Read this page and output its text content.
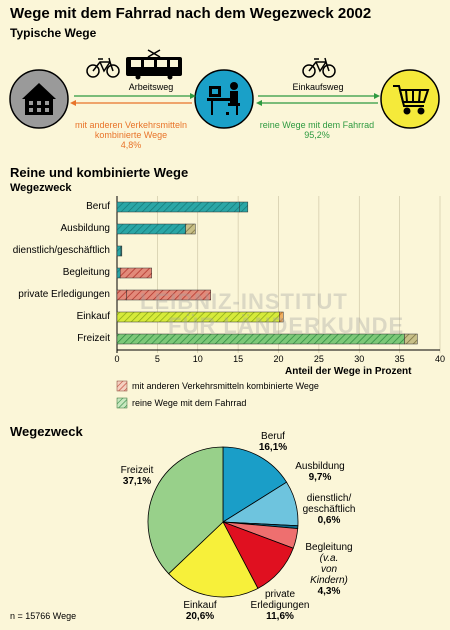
Wege mit dem Fahrrad nach dem Wegezweck 2002
Typische Wege
Arbeitsweg	Einkaufsweg
mit anderen Verkehrsmitteln
kombinierte Wege
4,8%
reine Wege mit dem Fahrrad
95,2%
Reine und kombinierte Wege
Wegezweck
Beruf
Ausbildung
dienstlich/geschäftlich
Begleitung
private Erledigungen
Einkauf
Freizeit
0	5	10	15	20	25	30	35	40
Anteil der Wege in Prozent
mit anderen Verkehrsmitteln kombinierte Wege
reine Wege mit dem Fahrrad
LEIBNIZ-INSTITUT
FÜR LÄNDERKUNDE
Wegezweck	Beruf
16,1%
Ausbildung
9,7%
dienstlich/
geschäftlich
0,6%
Begleitung
(v.a.
von
Kindern)
4,3%
private
Erledigungen
11,6%
Einkauf
20,6%
Freizeit
37,1%
n = 15766 Wege
